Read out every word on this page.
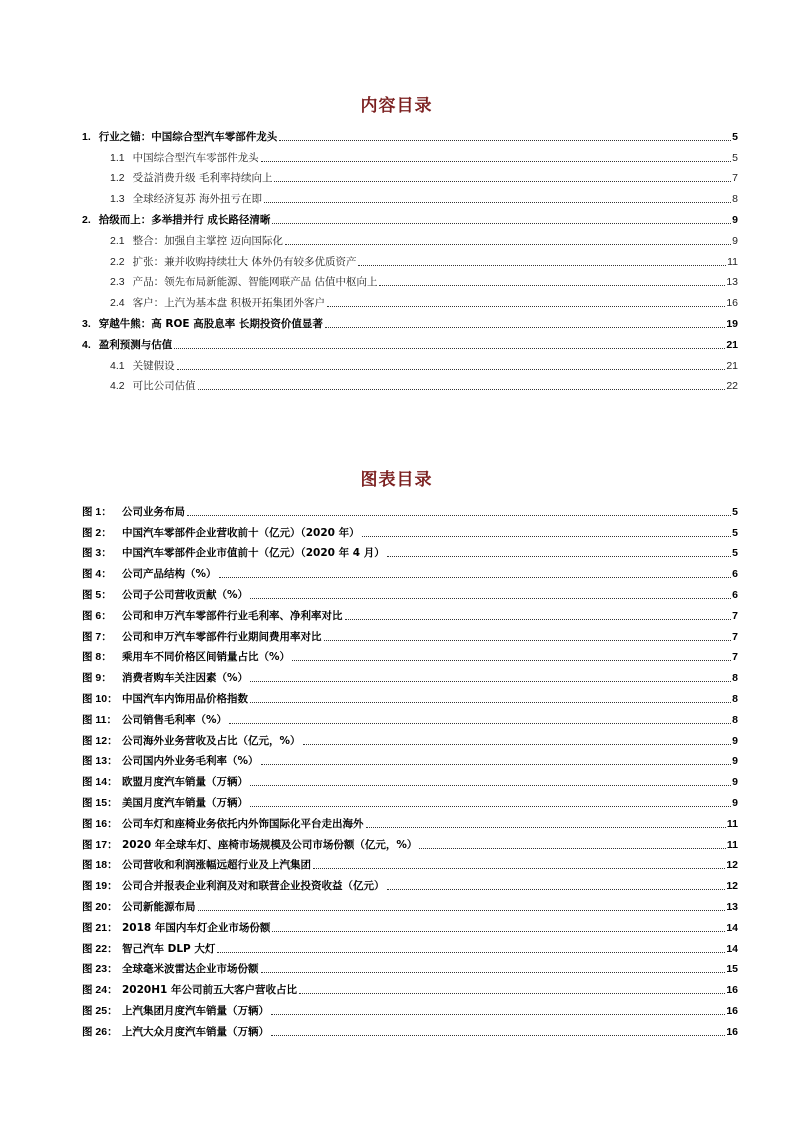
内容目录
1. 行业之锚：中国综合型汽车零部件龙头	5
1.1 中国综合型汽车零部件龙头	5
1.2 受益消费升级 毛利率持续向上	7
1.3 全球经济复苏 海外扭亏在即	8
2. 拾级而上：多举措并行 成长路径清晰	9
2.1 整合：加强自主掌控 迈向国际化	9
2.2 扩张：兼并收购持续壮大 体外仍有较多优质资产	11
2.3 产品：领先布局新能源、智能网联产品 估值中枢向上	13
2.4 客户：上汽为基本盘 积极开拓集团外客户	16
3. 穿越牛熊：高 ROE 高股息率 长期投资价值显著	19
4. 盈利预测与估值	21
4.1 关键假设	21
4.2 可比公司估值	22
图表目录
图 1： 公司业务布局	5
图 2： 中国汽车零部件企业营收前十（亿元）（2020 年）	5
图 3： 中国汽车零部件企业市值前十（亿元）（2020 年 4 月）	5
图 4： 公司产品结构（%）	6
图 5： 公司子公司营收贡献（%）	6
图 6： 公司和申万汽车零部件行业毛利率、净利率对比	7
图 7： 公司和申万汽车零部件行业期间费用率对比	7
图 8： 乘用车不同价格区间销量占比（%）	7
图 9： 消费者购车关注因素（%）	8
图 10： 中国汽车内饰用品价格指数	8
图 11： 公司销售毛利率（%）	8
图 12： 公司海外业务营收及占比（亿元，%）	9
图 13： 公司国内外业务毛利率（%）	9
图 14： 欧盟月度汽车销量（万辆）	9
图 15： 美国月度汽车销量（万辆）	9
图 16： 公司车灯和座椅业务依托内外饰国际化平台走出海外	11
图 17： 2020 年全球车灯、座椅市场规模及公司市场份额（亿元，%）	11
图 18： 公司营收和利润涨幅远超行业及上汽集团	12
图 19： 公司合并报表企业利润及对和联营企业投资收益（亿元）	12
图 20： 公司新能源布局	13
图 21： 2018 年国内车灯企业市场份额	14
图 22： 智己汽车 DLP 大灯	14
图 23： 全球毫米波雷达企业市场份额	15
图 24： 2020H1 年公司前五大客户营收占比	16
图 25： 上汽集团月度汽车销量（万辆）	16
图 26： 上汽大众月度汽车销量（万辆）	16
